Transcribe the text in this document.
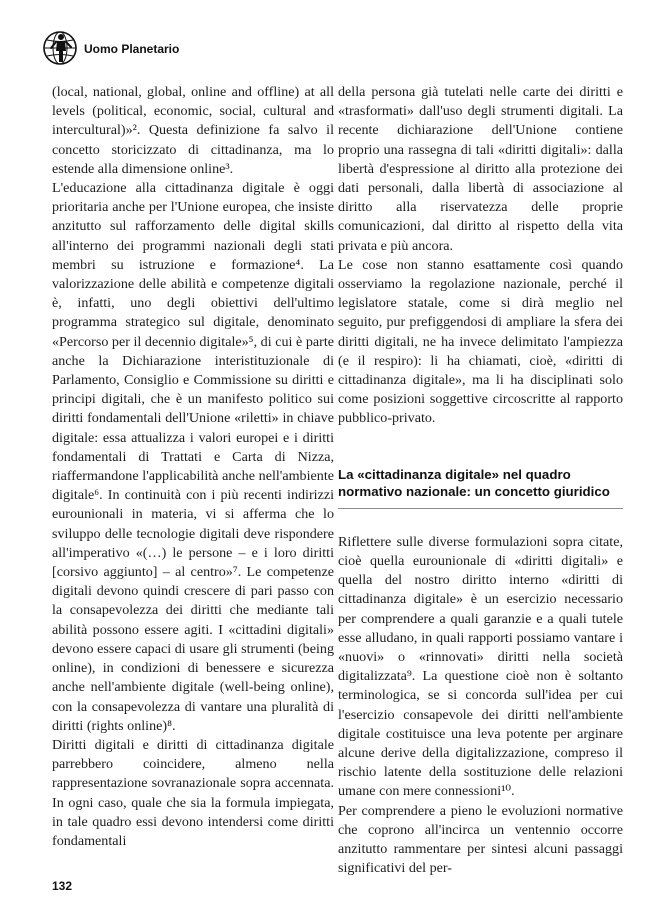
Uomo Planetario

(local, national, global, online and offline) at all levels (political, economic, social, cultural and intercultural)»². Questa definizione fa salvo il concetto storicizzato di cittadinanza, ma lo estende alla dimensione online³.

L'educazione alla cittadinanza digitale è oggi prioritaria anche per l'Unione europea, che insiste anzitutto sul rafforzamento delle digital skills all'interno dei programmi nazionali degli stati membri su istruzione e formazione⁴. La valorizzazione delle abilità e competenze digitali è, infatti, uno degli obiettivi dell'ultimo programma strategico sul digitale, denominato «Percorso per il decennio digitale»⁵, di cui è parte anche la Dichiarazione interistituzionale di Parlamento, Consiglio e Commissione su diritti e principi digitali, che è un manifesto politico sui diritti fondamentali dell'Unione «riletti» in chiave digitale: essa attualizza i valori europei e i diritti fondamentali di Trattati e Carta di Nizza, riaffermandone l'applicabilità anche nell'ambiente digitale⁶. In continuità con i più recenti indirizzi eurounionali in materia, vi si afferma che lo sviluppo delle tecnologie digitali deve rispondere all'imperativo «(…) le persone – e i loro diritti [corsivo aggiunto] – al centro»⁷. Le competenze digitali devono quindi crescere di pari passo con la consapevolezza dei diritti che mediante tali abilità possono essere agiti. I «cittadini digitali» devono essere capaci di usare gli strumenti (being online), in condizioni di benessere e sicurezza anche nell'ambiente digitale (well-being online), con la consapevolezza di vantare una pluralità di diritti (rights online)⁸.

Diritti digitali e diritti di cittadinanza digitale parrebbero coincidere, almeno nella rappresentazione sovranazionale sopra accennata. In ogni caso, quale che sia la formula impiegata, in tale quadro essi devono intendersi come diritti fondamentali

della persona già tutelati nelle carte dei diritti e «trasformati» dall'uso degli strumenti digitali. La recente dichiarazione dell'Unione contiene proprio una rassegna di tali «diritti digitali»: dalla libertà d'espressione al diritto alla protezione dei dati personali, dalla libertà di associazione al diritto alla riservatezza delle proprie comunicazioni, dal diritto al rispetto della vita privata e più ancora.

Le cose non stanno esattamente così quando osserviamo la regolazione nazionale, perché il legislatore statale, come si dirà meglio nel seguito, pur prefiggendosi di ampliare la sfera dei diritti digitali, ne ha invece delimitato l'ampiezza (e il respiro): li ha chiamati, cioè, «diritti di cittadinanza digitale», ma li ha disciplinati solo come posizioni soggettive circoscritte al rapporto pubblico-privato.

La «cittadinanza digitale» nel quadro normativo nazionale: un concetto giuridico

Riflettere sulle diverse formulazioni sopra citate, cioè quella eurounionale di «diritti digitali» e quella del nostro diritto interno «diritti di cittadinanza digitale» è un esercizio necessario per comprendere a quali garanzie e a quali tutele esse alludano, in quali rapporti possiamo vantare i «nuovi» o «rinnovati» diritti nella società digitalizzata⁹. La questione cioè non è soltanto terminologica, se si concorda sull'idea per cui l'esercizio consapevole dei diritti nell'ambiente digitale costituisce una leva potente per arginare alcune derive della digitalizzazione, compreso il rischio latente della sostituzione delle relazioni umane con mere connessioni¹⁰.

Per comprendere a pieno le evoluzioni normative che coprono all'incirca un ventennio occorre anzitutto rammentare per sintesi alcuni passaggi significativi del per-

132
